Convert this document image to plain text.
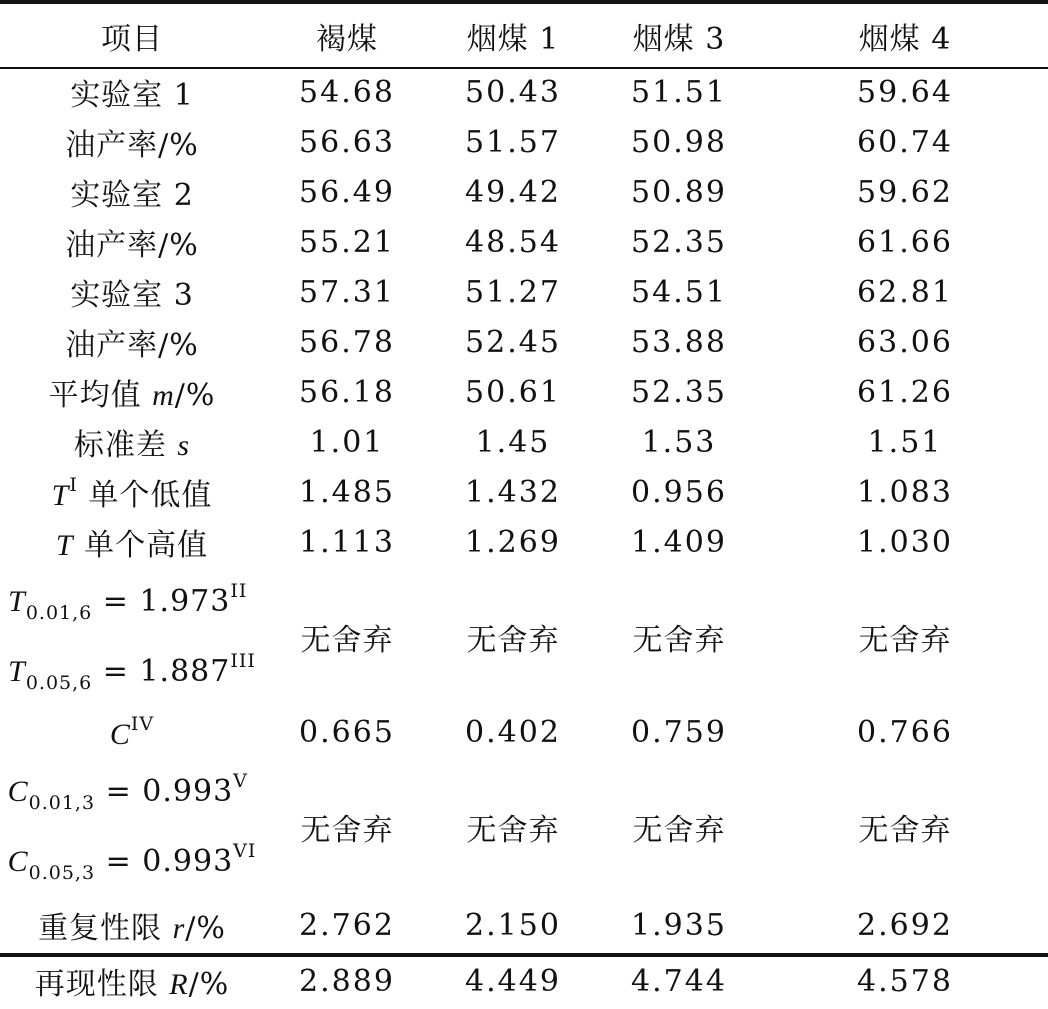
项目	褐煤	烟煤 1	烟煤 3	烟煤 4
实验室 1	54.68	50.43	51.51	59.64
油产率/%	56.63	51.57	50.98	60.74
实验室 2	56.49	49.42	50.89	59.62
油产率/%	55.21	48.54	52.35	61.66
实验室 3	57.31	51.27	54.51	62.81
油产率/%	56.78	52.45	53.88	63.06
平均值 m/%	56.18	50.61	52.35	61.26
标准差 s	1.01	1.45	1.53	1.51
$T^I$ 单个低值	1.485	1.432	0.956	1.083
T 单个高值	1.113	1.269	1.409	1.030

$T_{0.01,6} = 1.973^{II}$
$T_{0.05,6} = 1.887^{III}$	无舍弃	无舍弃	无舍弃	无舍弃
$C^{IV}$	0.665	0.402	0.759	0.766

$C_{0.01,3} = 0.993^V$
$C_{0.05,3} = 0.993^{VI}$	无舍弃	无舍弃	无舍弃	无舍弃
重复性限 r/%	2.762	2.150	1.935	2.692
再现性限 R/%	2.889	4.449	4.744	4.578
